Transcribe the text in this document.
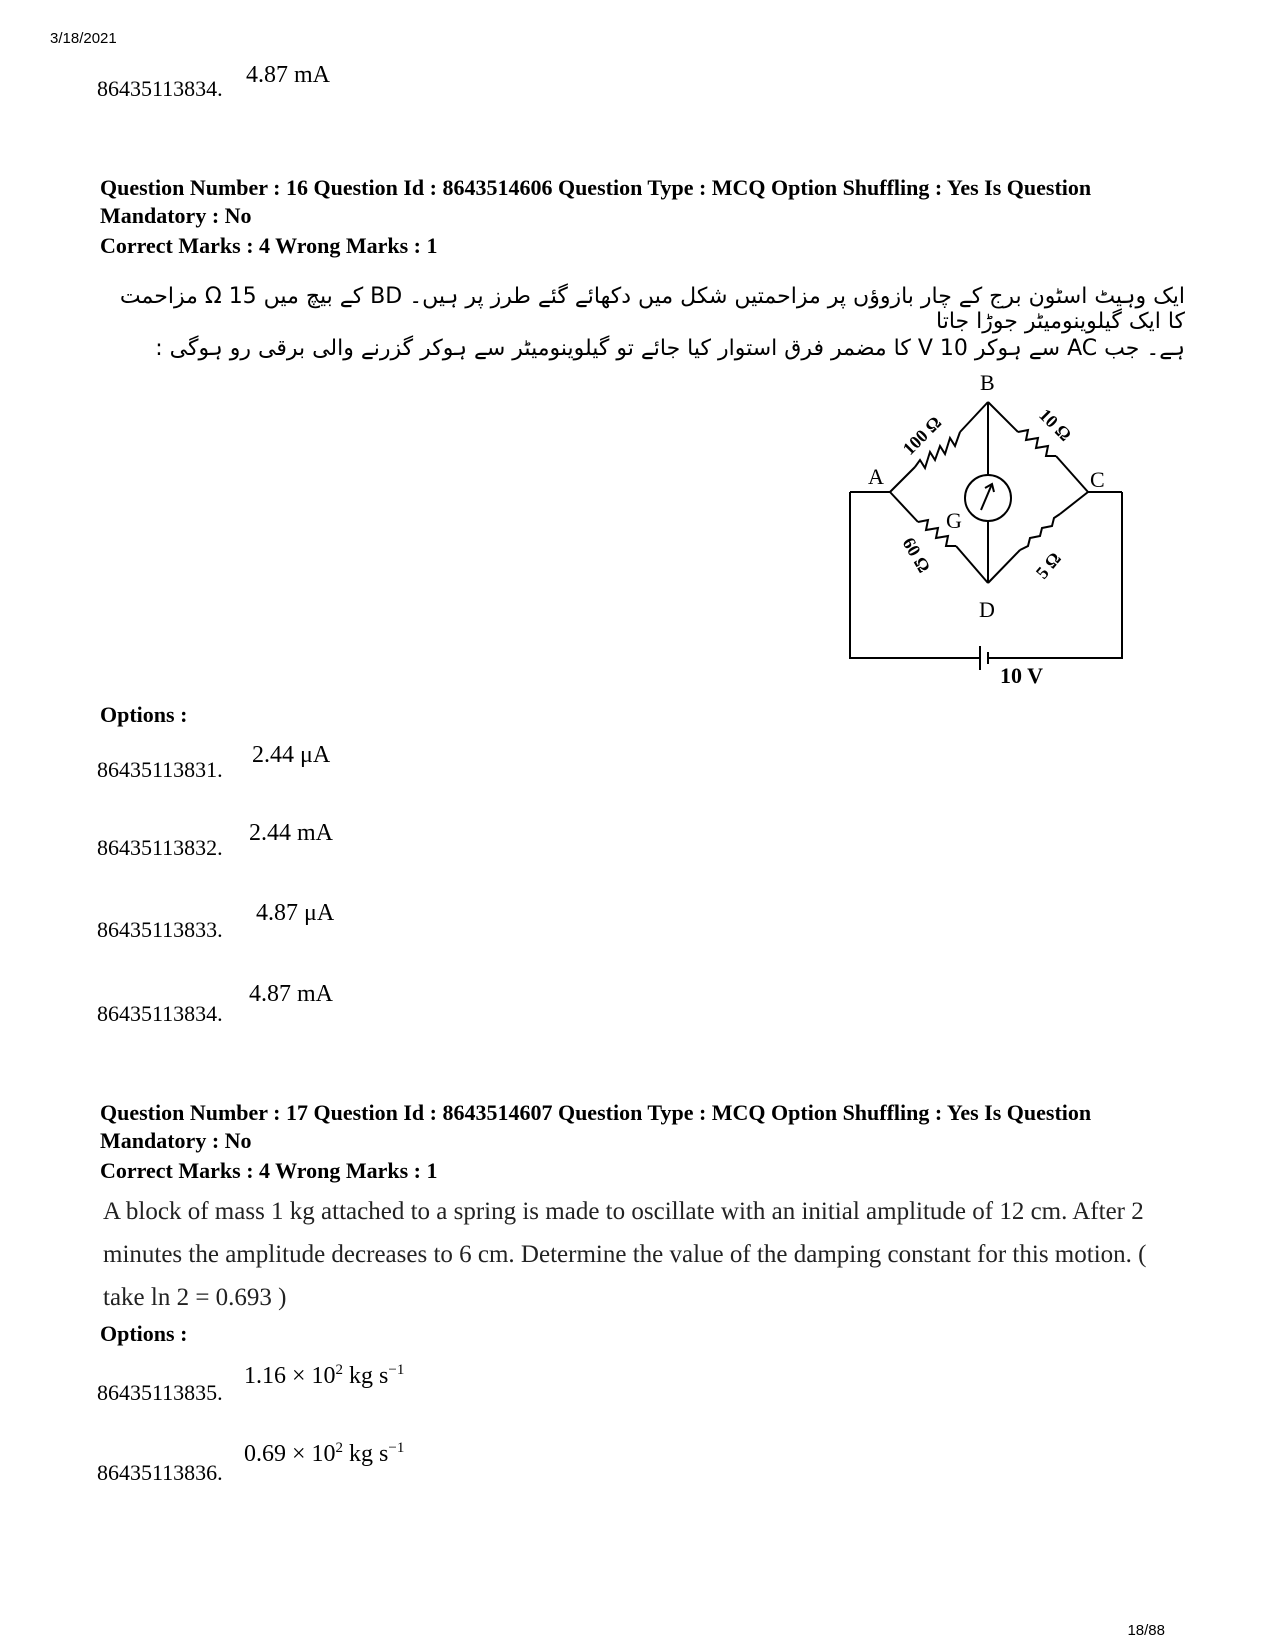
3/18/2021
86435113834.
4.87 mA
Question Number : 16 Question Id : 8643514606 Question Type : MCQ Option Shuffling : Yes Is Question Mandatory : No
Correct Marks : 4 Wrong Marks : 1
ایک وہیٹ اسٹون برج کے چار بازوؤں پر مزاحمتیں شکل میں دکھائے گئے طرز پر ہیں۔ BD کے بیچ میں 15 Ω مزاحمت کا ایک گیلوینومیٹر جوڑا جاتا
ہے۔ جب AC سے ہوکر 10 V کا مضمر فرق استوار کیا جائے تو گیلوینومیٹر سے ہوکر گزرنے والی برقی رو ہوگی :
A
B
C
D
G
10 V
100 Ω	10 Ω
60 Ω	5 Ω
Options :
86435113831.
2.44 μA
86435113832.
2.44 mA
86435113833.
4.87 μA
86435113834.
4.87 mA
Question Number : 17 Question Id : 8643514607 Question Type : MCQ Option Shuffling : Yes Is Question Mandatory : No
Correct Marks : 4 Wrong Marks : 1
A block of mass 1 kg attached to a spring is made to oscillate with an initial amplitude of 12 cm. After 2 minutes the amplitude decreases to 6 cm. Determine the value of the damping constant for this motion. ( take ln 2 = 0.693 )
Options :
86435113835.
$1.16 \times 10^2$ kg $s^{-1}$
86435113836.
$0.69 \times 10^2$ kg $s^{-1}$
18/88
